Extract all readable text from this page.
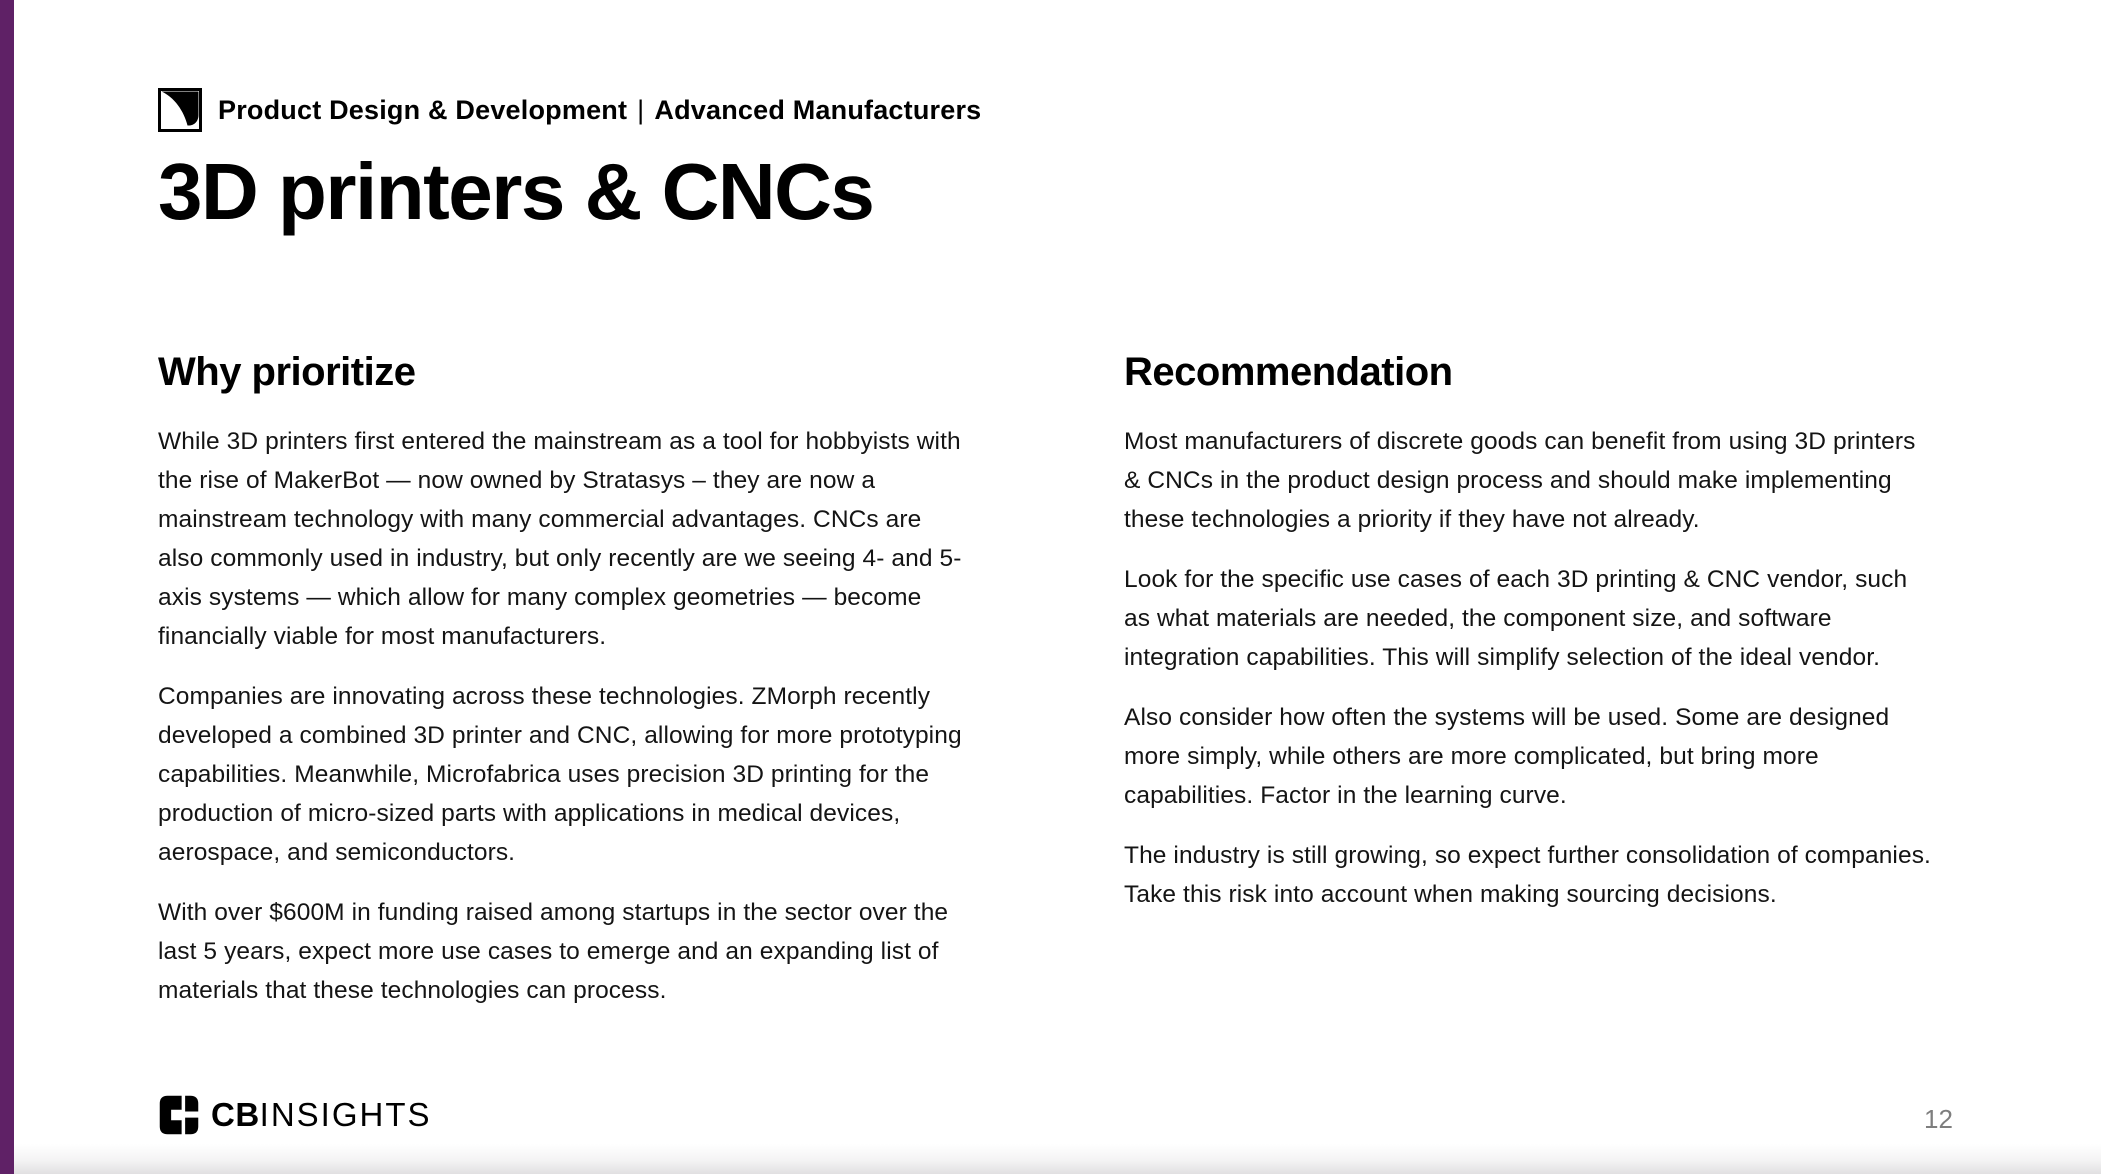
Product Design & Development | Advanced Manufacturers
3D printers & CNCs
Why prioritize

While 3D printers first entered the mainstream as a tool for hobbyists with the rise of MakerBot — now owned by Stratasys – they are now a mainstream technology with many commercial advantages. CNCs are also commonly used in industry, but only recently are we seeing 4- and 5-axis systems — which allow for many complex geometries — become financially viable for most manufacturers.

Companies are innovating across these technologies. ZMorph recently developed a combined 3D printer and CNC, allowing for more prototyping capabilities. Meanwhile, Microfabrica uses precision 3D printing for the production of micro-sized parts with applications in medical devices, aerospace, and semiconductors.

With over $600M in funding raised among startups in the sector over the last 5 years, expect more use cases to emerge and an expanding list of materials that these technologies can process.

Recommendation

Most manufacturers of discrete goods can benefit from using 3D printers & CNCs in the product design process and should make implementing these technologies a priority if they have not already.

Look for the specific use cases of each 3D printing & CNC vendor, such as what materials are needed, the component size, and software integration capabilities. This will simplify selection of the ideal vendor.

Also consider how often the systems will be used. Some are designed more simply, while others are more complicated, but bring more capabilities. Factor in the learning curve.

The industry is still growing, so expect further consolidation of companies. Take this risk into account when making sourcing decisions.

CB INSIGHTS	12
